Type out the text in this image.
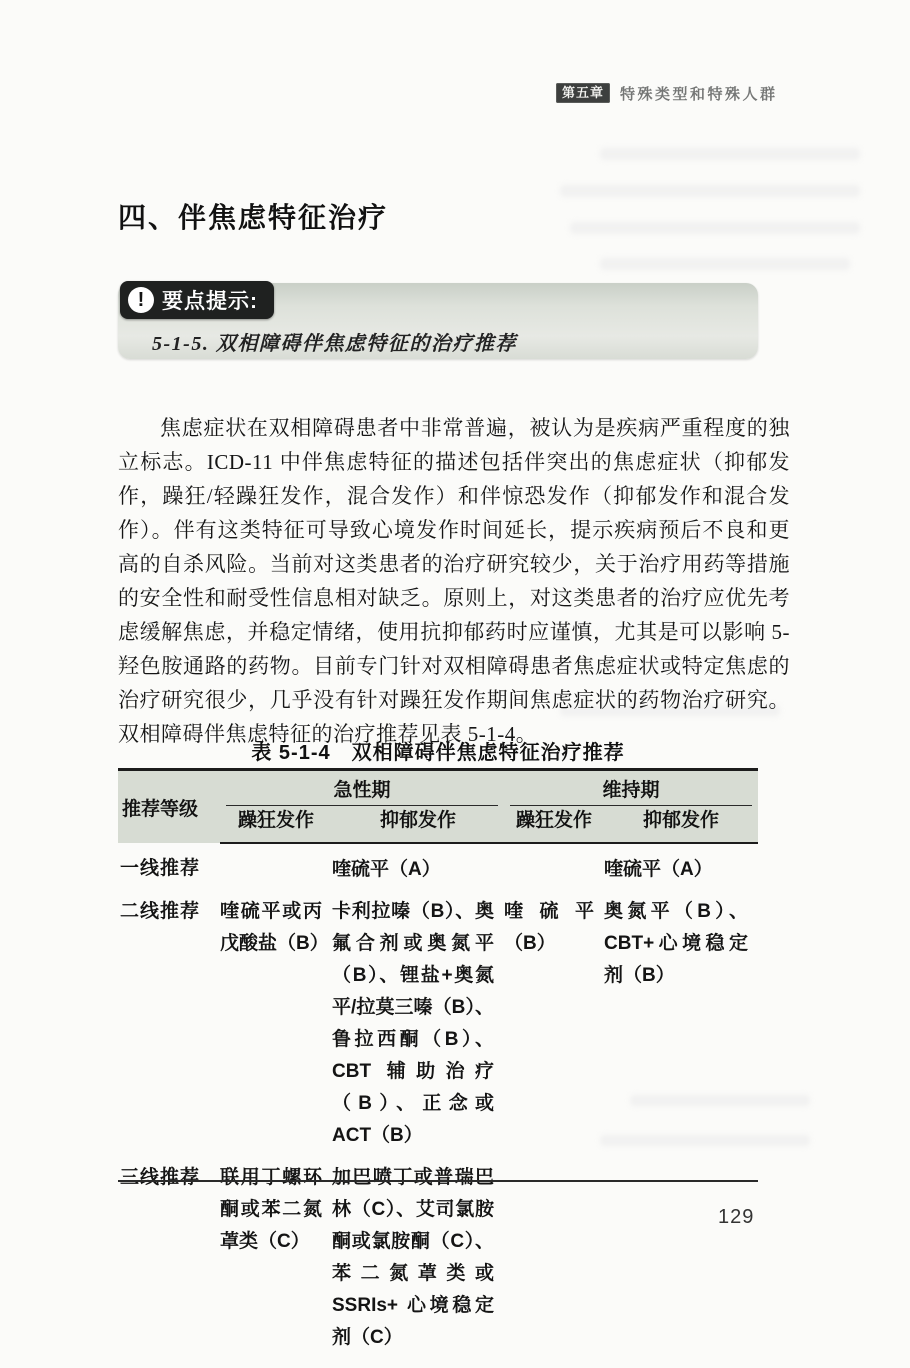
第五章	特殊类型和特殊人群
四、伴焦虑特征治疗
! 要点提示:
5-1-5. 双相障碍伴焦虑特征的治疗推荐

焦虑症状在双相障碍患者中非常普遍，被认为是疾病严重程度的独立标志。ICD-11 中伴焦虑特征的描述包括伴突出的焦虑症状（抑郁发作，躁狂/轻躁狂发作，混合发作）和伴惊恐发作（抑郁发作和混合发作）。伴有这类特征可导致心境发作时间延长，提示疾病预后不良和更高的自杀风险。当前对这类患者的治疗研究较少，关于治疗用药等措施的安全性和耐受性信息相对缺乏。原则上，对这类患者的治疗应优先考虑缓解焦虑，并稳定情绪，使用抗抑郁药时应谨慎，尤其是可以影响 5- 羟色胺通路的药物。目前专门针对双相障碍患者焦虑症状或特定焦虑的治疗研究很少，几乎没有针对躁狂发作期间焦虑症状的药物治疗研究。双相障碍伴焦虑特征的治疗推荐见表 5-1-4。

表 5-1-4　双相障碍伴焦虑特征治疗推荐
推荐等级	急性期		维持期	

	躁狂发作	抑郁发作	躁狂发作	抑郁发作
一线推荐		喹硫平（A）		喹硫平（A）
二线推荐	喹硫平或丙戊酸盐（B）	卡利拉嗪（B）、奥氟合剂或奥氮平（B）、锂盐+奥氮平/拉莫三嗪（B）、鲁拉西酮（B）、CBT 辅助治疗（B）、正念或 ACT（B）	喹硫平（B）	奥氮平（B）、CBT+心境稳定剂（B）
三线推荐	联用丁螺环酮或苯二氮䓬类（C）	加巴喷丁或普瑞巴林（C）、艾司氯胺酮或氯胺酮（C）、苯二氮䓬类或 SSRIs+ 心境稳定剂（C）		
129
